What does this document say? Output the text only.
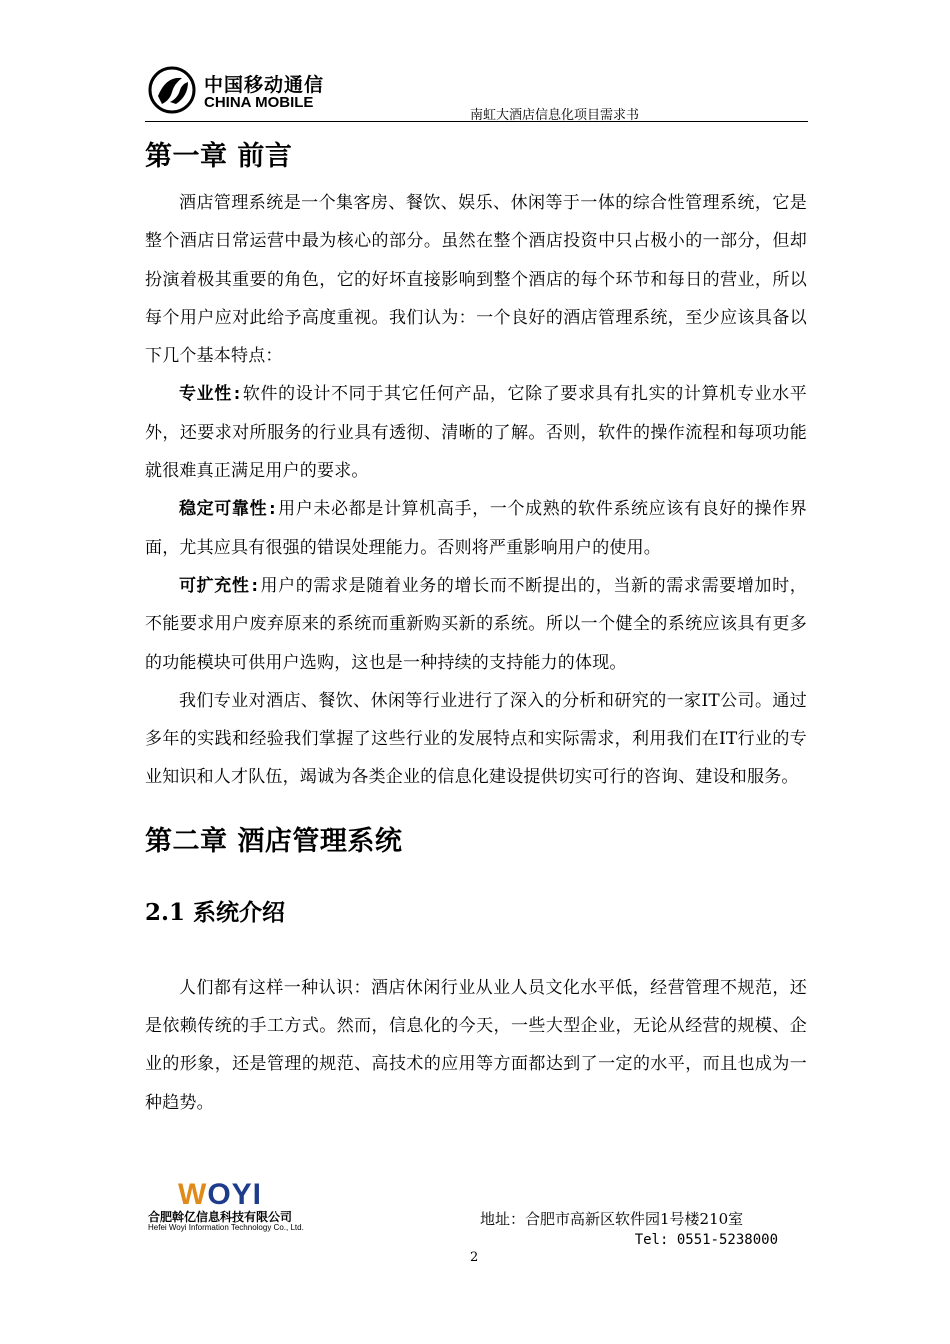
中国移动通信
CHINA MOBILE
南虹大酒店信息化项目需求书
第一章 前言

酒店管理系统是一个集客房、餐饮、娱乐、休闲等于一体的综合性管理系统，它是整个酒店日常运营中最为核心的部分。虽然在整个酒店投资中只占极小的一部分，但却扮演着极其重要的角色，它的好坏直接影响到整个酒店的每个环节和每日的营业，所以每个用户应对此给予高度重视。我们认为：一个良好的酒店管理系统，至少应该具备以下几个基本特点：

专业性:软件的设计不同于其它任何产品，它除了要求具有扎实的计算机专业水平外，还要求对所服务的行业具有透彻、清晰的了解。否则，软件的操作流程和每项功能就很难真正满足用户的要求。

稳定可靠性:用户未必都是计算机高手，一个成熟的软件系统应该有良好的操作界面，尤其应具有很强的错误处理能力。否则将严重影响用户的使用。

可扩充性:用户的需求是随着业务的增长而不断提出的，当新的需求需要增加时，不能要求用户废弃原来的系统而重新购买新的系统。所以一个健全的系统应该具有更多的功能模块可供用户选购，这也是一种持续的支持能力的体现。

我们专业对酒店、餐饮、休闲等行业进行了深入的分析和研究的一家IT公司。通过多年的实践和经验我们掌握了这些行业的发展特点和实际需求，利用我们在IT行业的专业知识和人才队伍，竭诚为各类企业的信息化建设提供切实可行的咨询、建设和服务。

第二章 酒店管理系统
2.1 系统介绍

人们都有这样一种认识：酒店休闲行业从业人员文化水平低，经营管理不规范，还是依赖传统的手工方式。然而，信息化的今天，一些大型企业，无论从经营的规模、企业的形象，还是管理的规范、高技术的应用等方面都达到了一定的水平，而且也成为一种趋势。

WOYI
合肥斡亿信息科技有限公司
Hefei Woyi Information Technology Co., Ltd.	地址：合肥市高新区软件园1号楼210室
Tel: 0551-5238000
2
